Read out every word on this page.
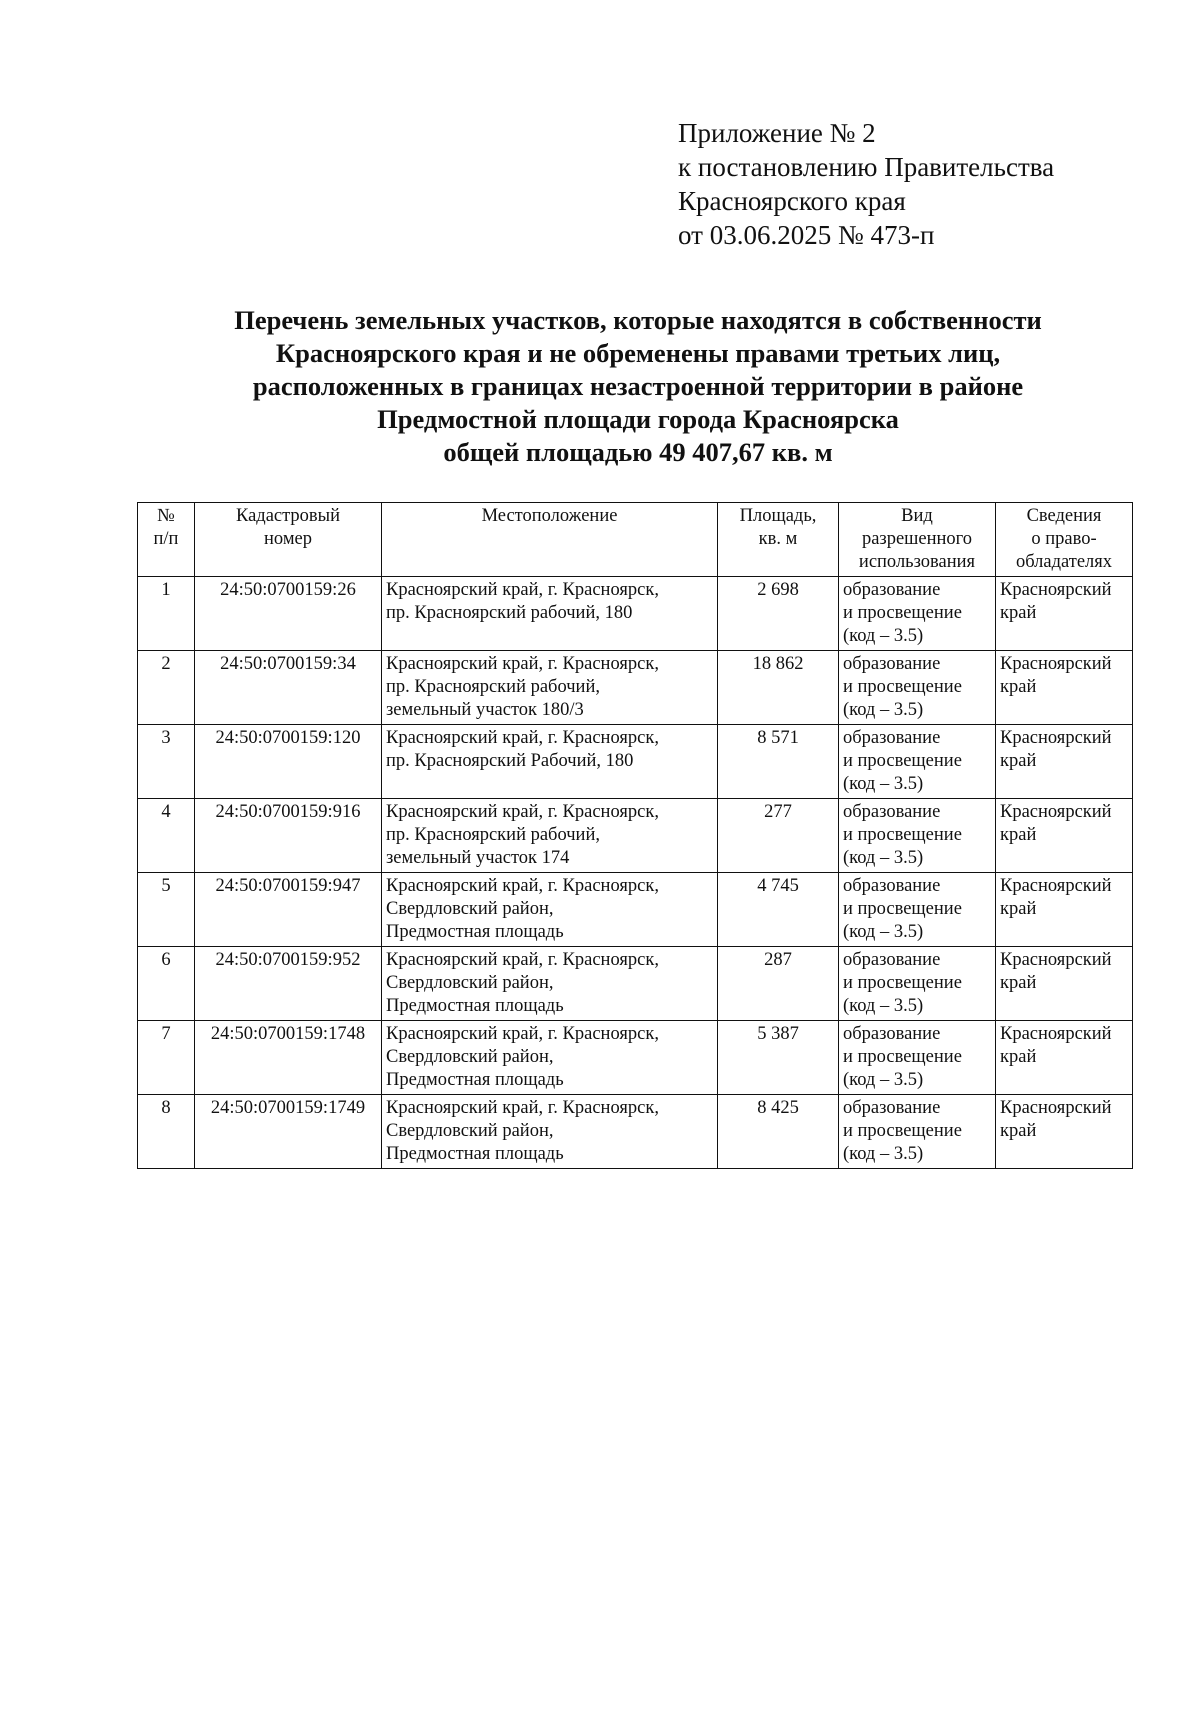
Приложение № 2
к постановлению Правительства
Красноярского края
от 03.06.2025 № 473-п
Перечень земельных участков, которые находятся в собственности
Красноярского края и не обременены правами третьих лиц,
расположенных в границах незастроенной территории в районе
Предмостной площади города Красноярска
общей площадью 49 407,67 кв. м
№
п/п	Кадастровый
номер	Местоположение	Площадь,
кв. м	Вид
разрешенного
использования	Сведения
о право-
обладателях

1	24:50:0700159:26	Красноярский край, г. Красноярск,
пр. Красноярский рабочий, 180	2 698	образование
и просвещение
(код – 3.5)	Красноярский
край

2	24:50:0700159:34	Красноярский край, г. Красноярск,
пр. Красноярский рабочий,
земельный участок 180/3	18 862	образование
и просвещение
(код – 3.5)	Красноярский
край

3	24:50:0700159:120	Красноярский край, г. Красноярск,
пр. Красноярский Рабочий, 180	8 571	образование
и просвещение
(код – 3.5)	Красноярский
край

4	24:50:0700159:916	Красноярский край, г. Красноярск,
пр. Красноярский рабочий,
земельный участок 174	277	образование
и просвещение
(код – 3.5)	Красноярский
край

5	24:50:0700159:947	Красноярский край, г. Красноярск,
Свердловский район,
Предмостная площадь	4 745	образование
и просвещение
(код – 3.5)	Красноярский
край

6	24:50:0700159:952	Красноярский край, г. Красноярск,
Свердловский район,
Предмостная площадь	287	образование
и просвещение
(код – 3.5)	Красноярский
край

7	24:50:0700159:1748	Красноярский край, г. Красноярск,
Свердловский район,
Предмостная площадь	5 387	образование
и просвещение
(код – 3.5)	Красноярский
край

8	24:50:0700159:1749	Красноярский край, г. Красноярск,
Свердловский район,
Предмостная площадь	8 425	образование
и просвещение
(код – 3.5)	Красноярский
край
